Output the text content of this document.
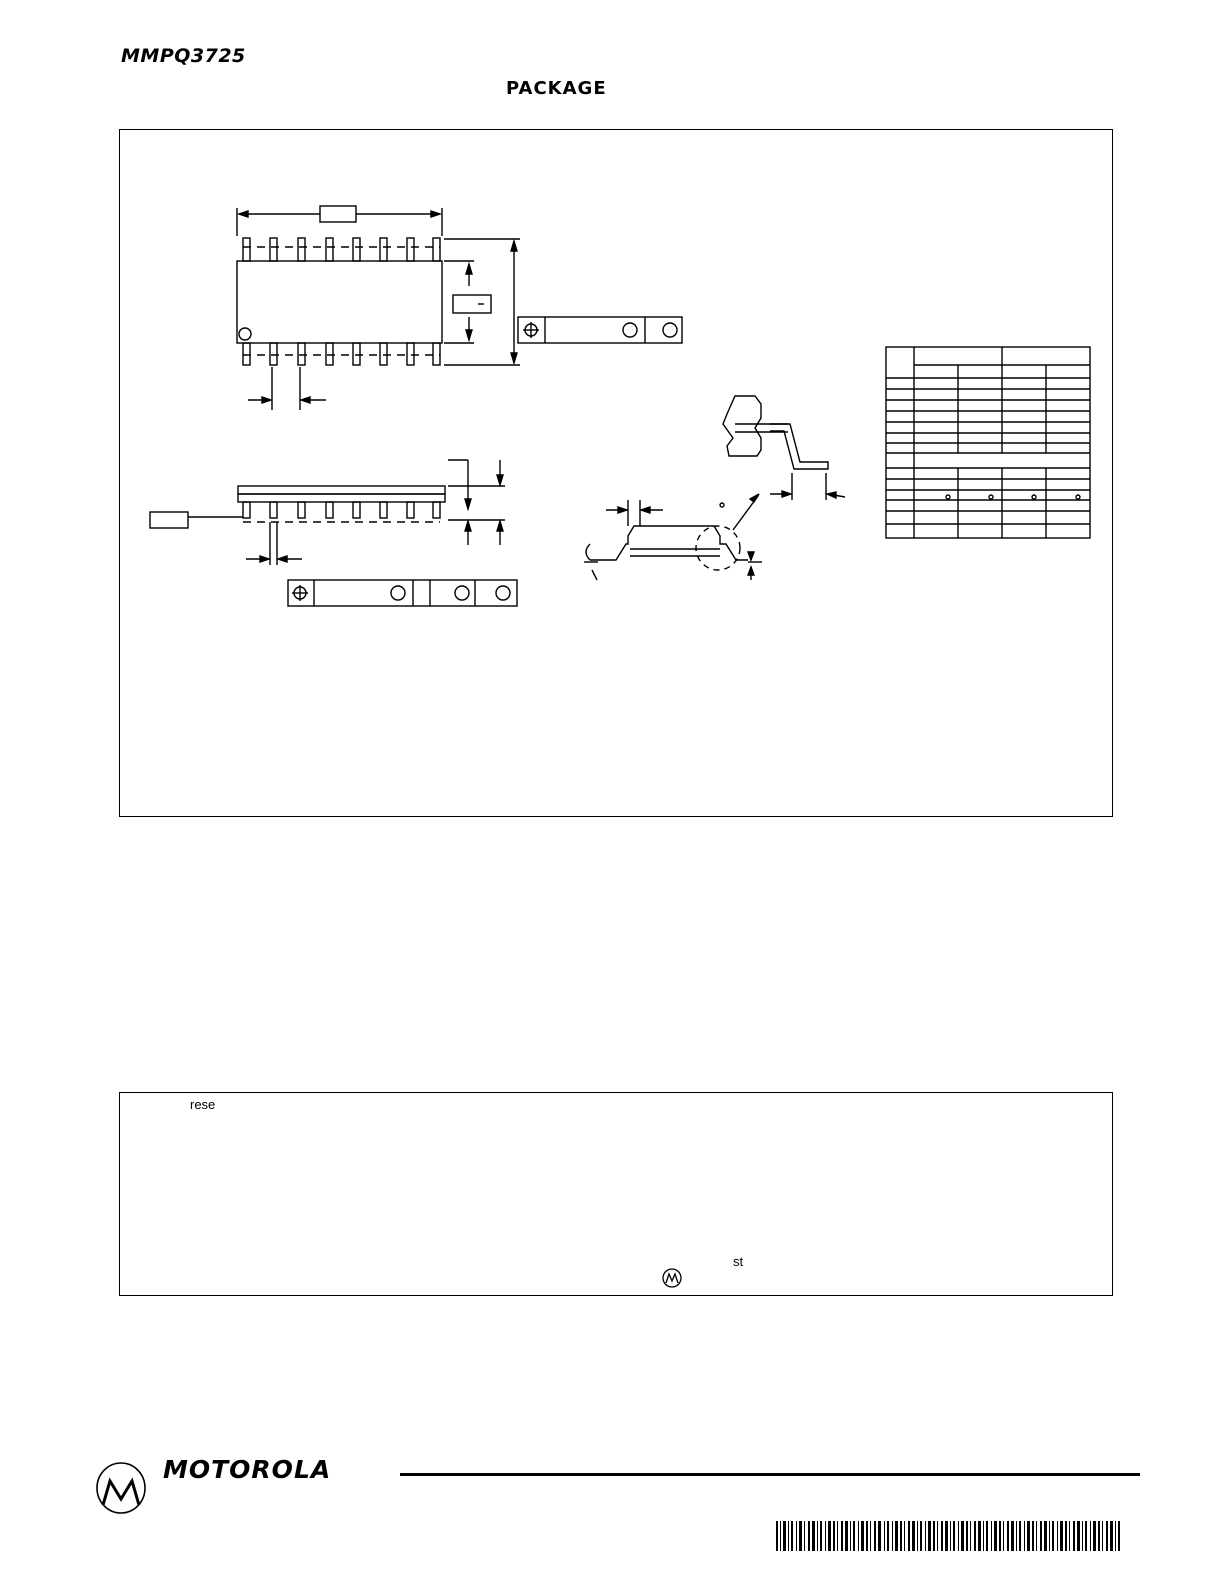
MMPQ3725
PACKAGE
rese
st
MOTOROLA
